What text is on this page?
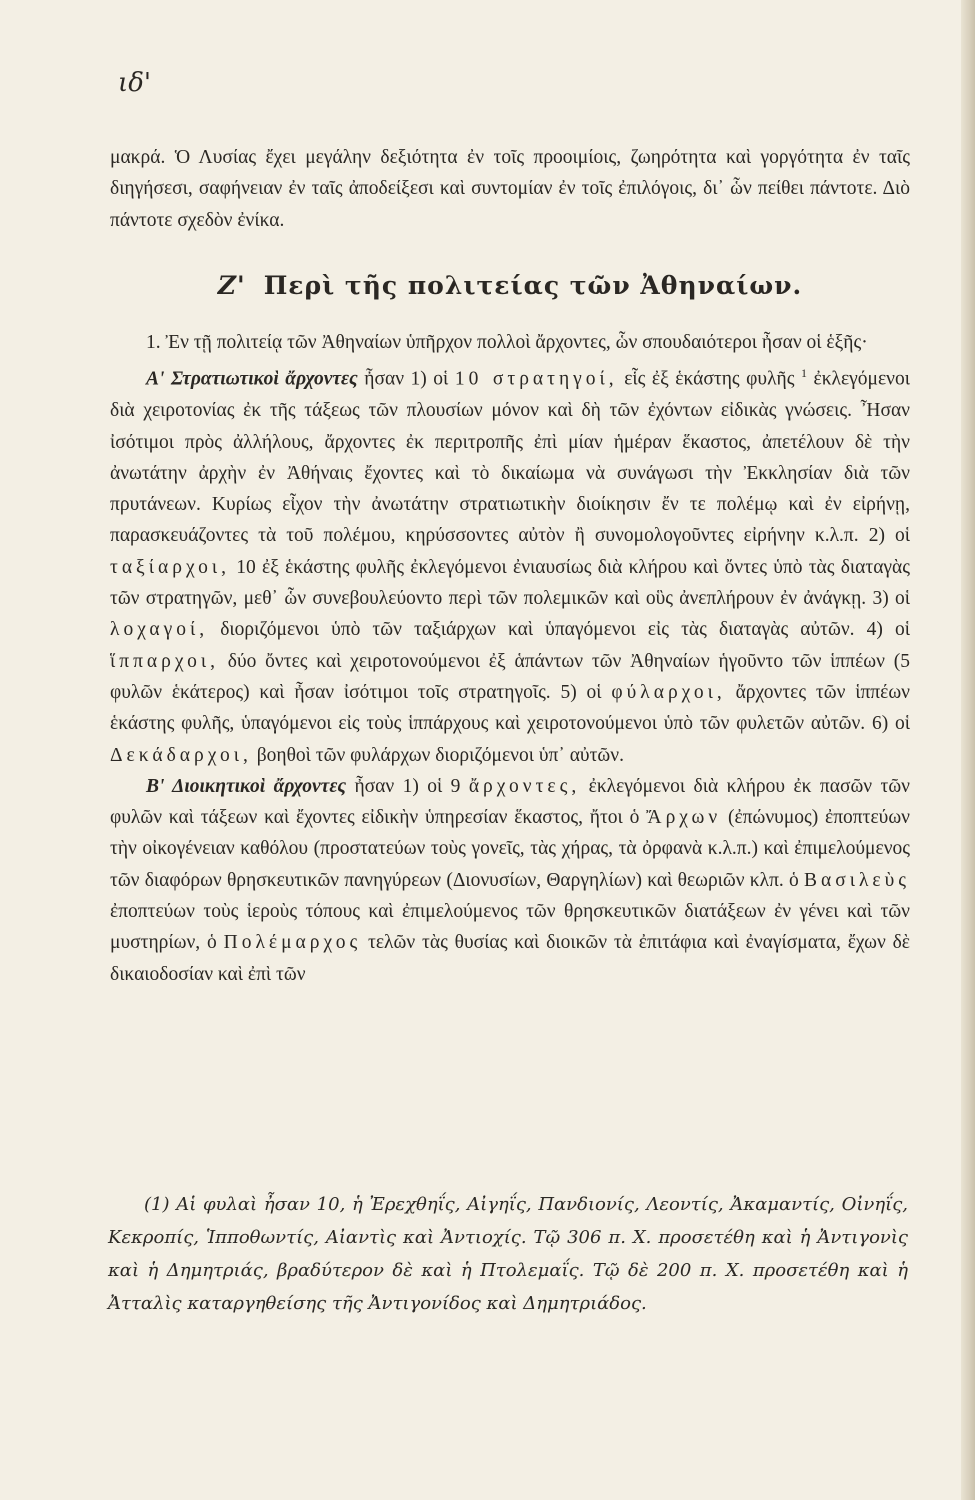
ιδ'

μακρά. Ὁ Λυσίας ἔχει μεγάλην δεξιότητα ἐν τοῖς προοιμίοις, ζωηρότητα καὶ γοργότητα ἐν ταῖς διηγήσεσι, σαφήνειαν ἐν ταῖς ἀποδείξεσι καὶ συντομίαν ἐν τοῖς ἐπιλόγοις, δι᾽ ὧν πείθει πάντοτε. Διὸ πάντοτε σχεδὸν ἐνίκα.

Ζ' Περὶ τῆς πολιτείας τῶν Ἀθηναίων.

1. Ἐν τῇ πολιτείᾳ τῶν Ἀθηναίων ὑπῆρχον πολλοὶ ἄρχοντες, ὧν σπουδαιότεροι ἦσαν οἱ ἑξῆς·

Α' Στρατιωτικοὶ ἄρχοντες ἦσαν 1) οἱ 10 στρατηγοί, εἷς ἐξ ἑκάστης φυλῆς $^1$ ἐκλεγόμενοι διὰ χειροτονίας ἐκ τῆς τάξεως τῶν πλουσίων μόνον καὶ δὴ τῶν ἐχόντων εἰδικὰς γνώσεις. Ἦσαν ἰσότιμοι πρὸς ἀλλήλους, ἄρχοντες ἐκ περιτροπῆς ἐπὶ μίαν ἡμέραν ἕκαστος, ἀπετέλουν δὲ τὴν ἀνωτάτην ἀρχὴν ἐν Ἀθήναις ἔχοντες καὶ τὸ δικαίωμα νὰ συνάγωσι τὴν Ἐκκλησίαν διὰ τῶν πρυτάνεων. Κυρίως εἶχον τὴν ἀνωτάτην στρατιωτικὴν διοίκησιν ἔν τε πολέμῳ καὶ ἐν εἰρήνῃ, παρασκευάζοντες τὰ τοῦ πολέμου, κηρύσσοντες αὐτὸν ἢ συνομολογοῦντες εἰρήνην κ.λ.π. 2) οἱ ταξίαρχοι, 10 ἐξ ἑκάστης φυλῆς ἐκλεγόμενοι ἐνιαυσίως διὰ κλήρου καὶ ὄντες ὑπὸ τὰς διαταγὰς τῶν στρατηγῶν, μεθ᾽ ὧν συνεβουλεύοντο περὶ τῶν πολεμικῶν καὶ οὓς ἀνεπλήρουν ἐν ἀνάγκῃ. 3) οἱ λοχαγοί, διοριζόμενοι ὑπὸ τῶν ταξιάρχων καὶ ὑπαγόμενοι εἰς τὰς διαταγὰς αὐτῶν. 4) οἱ ἵππαρχοι, δύο ὄντες καὶ χειροτονούμενοι ἐξ ἁπάντων τῶν Ἀθηναίων ἡγοῦντο τῶν ἱππέων (5 φυλῶν ἑκάτερος) καὶ ἦσαν ἰσότιμοι τοῖς στρατηγοῖς. 5) οἱ φύλαρχοι, ἄρχοντες τῶν ἱππέων ἑκάστης φυλῆς, ὑπαγόμενοι εἰς τοὺς ἱππάρχους καὶ χειροτονούμενοι ὑπὸ τῶν φυλετῶν αὐτῶν. 6) οἱ Δεκάδαρχοι, βοηθοὶ τῶν φυλάρχων διοριζόμενοι ὑπ᾽ αὐτῶν.

Β' Διοικητικοὶ ἄρχοντες ἦσαν 1) οἱ 9 ἄρχοντες, ἐκλεγόμενοι διὰ κλήρου ἐκ πασῶν τῶν φυλῶν καὶ τάξεων καὶ ἔχοντες εἰδικὴν ὑπηρεσίαν ἕκαστος, ἤτοι ὁ Ἄρχων (ἐπώνυμος) ἐποπτεύων τὴν οἰκογένειαν καθόλου (προστατεύων τοὺς γονεῖς, τὰς χήρας, τὰ ὀρφανὰ κ.λ.π.) καὶ ἐπιμελούμενος τῶν διαφόρων θρησκευτικῶν πανηγύρεων (Διονυσίων, Θαργηλίων) καὶ θεωριῶν κλπ. ὁ Βασιλεὺς ἐποπτεύων τοὺς ἱεροὺς τόπους καὶ ἐπιμελούμενος τῶν θρησκευτικῶν διατάξεων ἐν γένει καὶ τῶν μυστηρίων, ὁ Πολέμαρχος τελῶν τὰς θυσίας καὶ διοικῶν τὰ ἐπιτάφια καὶ ἐναγίσματα, ἔχων δὲ δικαιοδοσίαν καὶ ἐπὶ τῶν

(1) Αἱ φυλαὶ ἦσαν 10, ἡ Ἐρεχθηΐς, Αἰγηΐς, Πανδιονίς, Λεοντίς, Ἀκαμαντίς, Οἰνηΐς, Κεκροπίς, Ἱπποθωντίς, Αἰαντὶς καὶ Ἀντιοχίς. Τῷ 306 π. Χ. προσετέθη καὶ ἡ Ἀντιγονὶς καὶ ἡ Δημητριάς, βραδύτερον δὲ καὶ ἡ Πτολεμαΐς. Τῷ δὲ 200 π. Χ. προσετέθη καὶ ἡ Ἀτταλὶς καταργηθείσης τῆς Ἀντιγονίδος καὶ Δημητριάδος.
